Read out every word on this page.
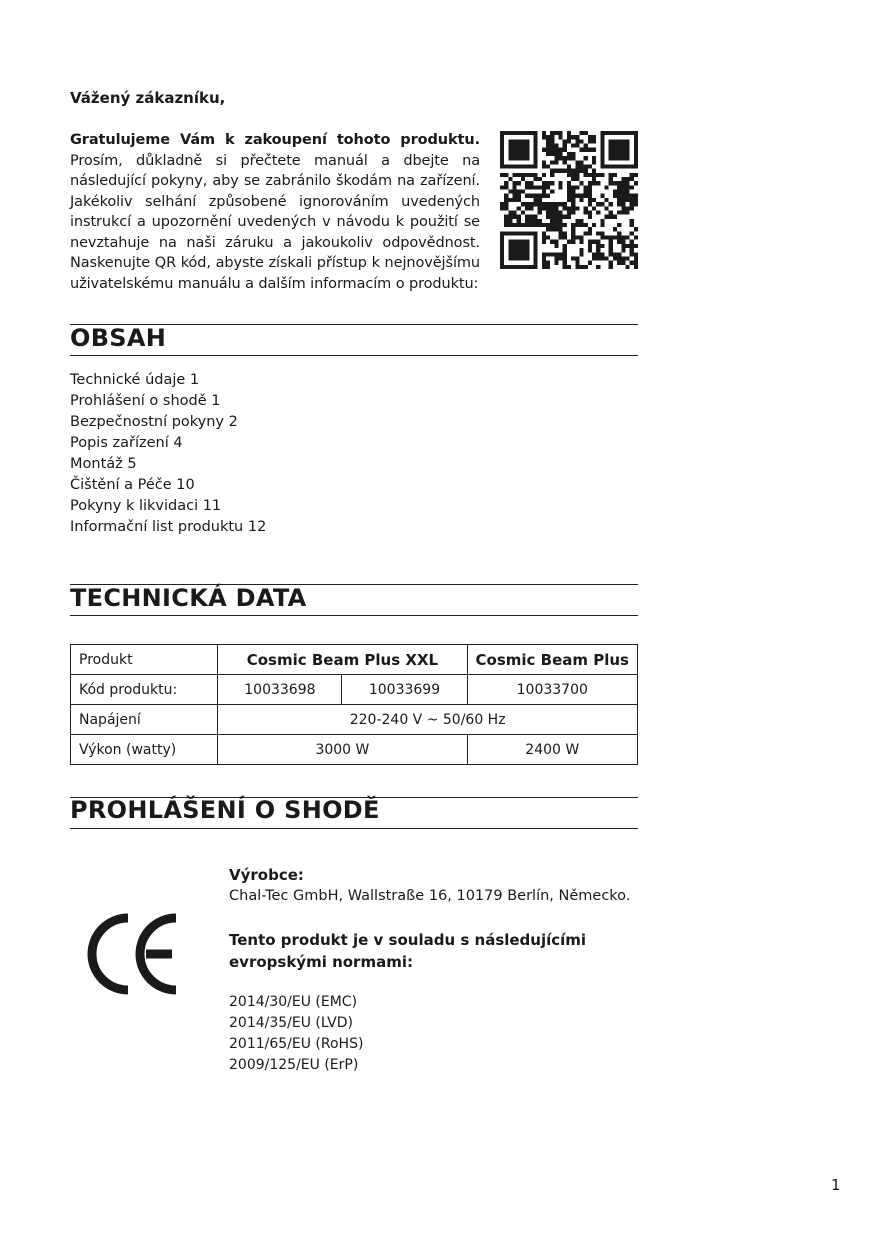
Vážený zákazníku,
Gratulujeme Vám k zakoupení tohoto produktu. Prosím, důkladně si přečtete manuál a dbejte na následující pokyny, aby se zabránilo škodám na zařízení. Jakékoliv selhání způsobené ignorováním uvedených instrukcí a upozornění uvedených v návodu k použití se nevztahuje na naši záruku a jakoukoliv odpovědnost. Naskenujte QR kód, abyste získali přístup k nejnovějšímu uživatelskému manuálu a dalším informacím o produktu:
OBSAH
Technické údaje 1
Prohlášení o shodě 1
Bezpečnostní pokyny 2
Popis zařízení 4
Montáž 5
Čištění a Péče 10
Pokyny k likvidaci 11
Informační list produktu 12
TECHNICKÁ DATA
Produkt	Cosmic Beam Plus XXL		Cosmic Beam Plus
Kód produktu:	10033698	10033699	10033700
Napájení	220-240 V ~ 50/60 Hz		
Výkon (watty)	3000 W		2400 W
PROHLÁŠENÍ O SHODĚ
Výrobce:
Chal-Tec GmbH, Wallstraße 16, 10179 Berlín, Německo.
Tento produkt je v souladu s následujícími
evropskými normami:
2014/30/EU (EMC)
2014/35/EU (LVD)
2011/65/EU (RoHS)
2009/125/EU (ErP)
1
